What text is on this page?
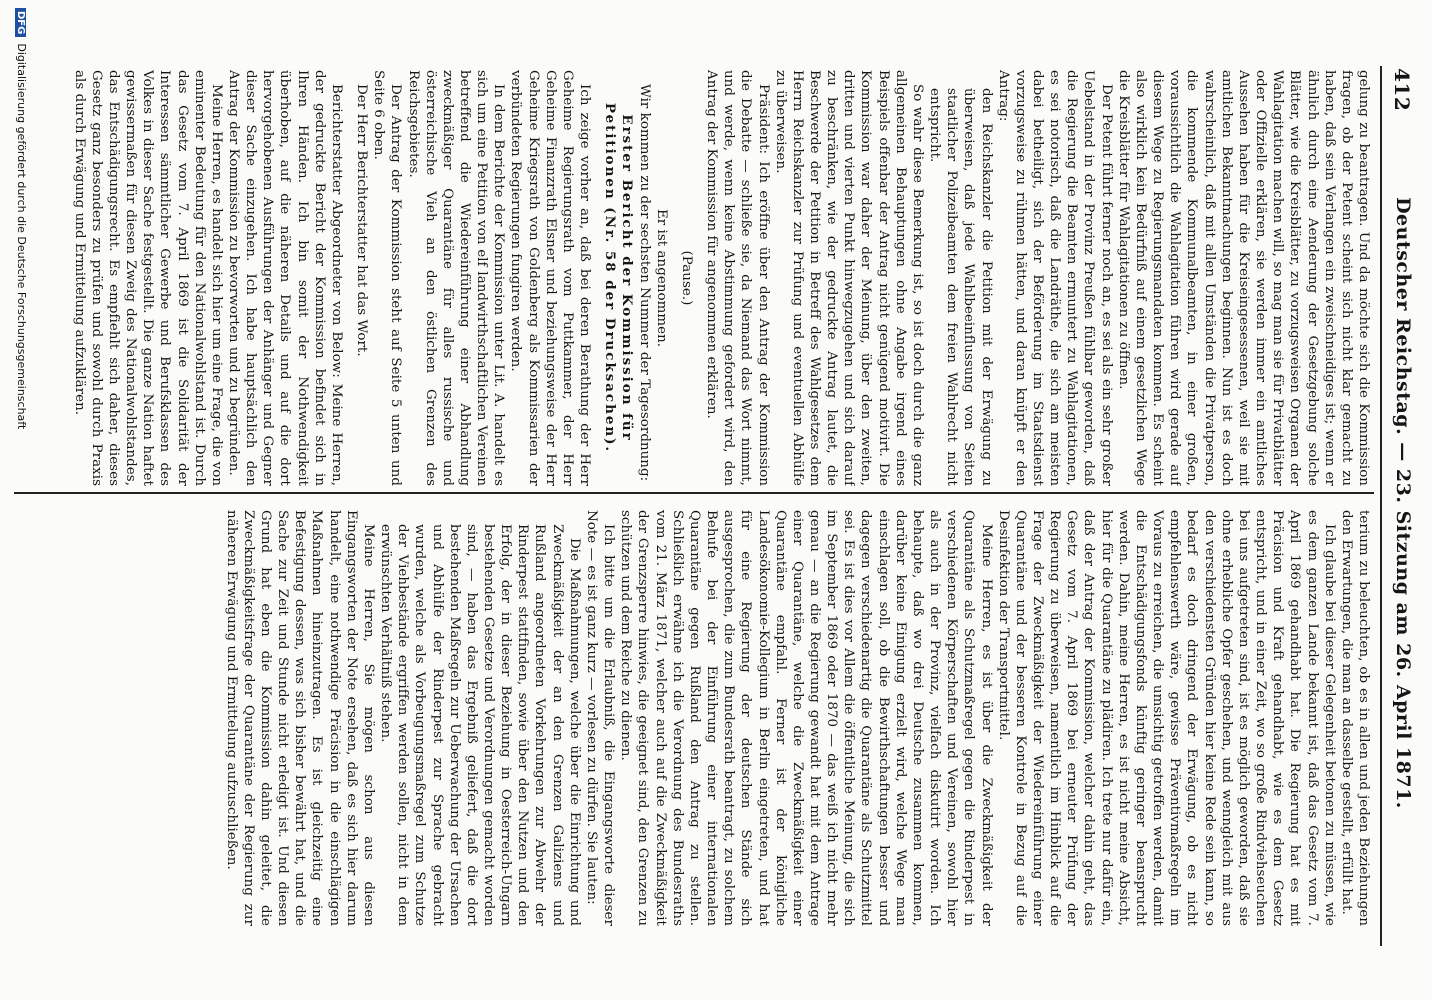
412
Deutscher Reichstag. — 23. Sitzung am 26. April 1871.

gelung zu beantragen. Und da möchte sich die Kommission fragen, ob der Petent scheint sich nicht klar gemacht zu haben, daß sein Verlangen ein zweischneidiges ist; wenn er ähnlich durch eine Aenderung der Gesetzgebung solche Blätter, wie die Kreisblätter, zu vorzugsweisen Organen der Wahlagitation machen will, so mag man sie für Privatblätter oder Offizielle erklären, sie werden immer ein amtliches Aussehen haben für die Kreiseingesessenen, weil sie mit amtlichen Bekanntmachungen beginnen. Nun ist es doch wahrscheinlich, daß mit allen Umständen die Privatperson, die kommende Kommunalbeamten, in einer großen, voraussichtlich die Wahlagitation führen wird gerade auf diesem Wege zu Regierungsmandaten kommen. Es scheint also wirklich kein Bedürfniß auf einem gesetzlichen Wege die Kreisblätter für Wahlagitationen zu öffnen.

Der Petent führt ferner noch an, es sei als ein sehr großer Uebelstand in der Provinz Preußen fühlbar geworden, daß die Regierung die Beamten ermuntert zu Wahlagitationen, es sei notorisch, daß die Landräthe, die sich am meisten dabei betheiligt, sich der Beförderung im Staatsdienst vorzugsweise zu rühmen hätten, und daran knüpft er den Antrag:

den Reichskanzler die Petition mit der Erwägung zu überweisen, daß jede Wahlbeeinflussung von Seiten staatlicher Polizeibeamten dem freien Wahlrecht nicht entspricht.

So wahr diese Bemerkung ist, so ist doch durch die ganz allgemeinen Behauptungen ohne Angabe irgend eines Beispiels offenbar der Antrag nicht genügend motivirt. Die Kommission war daher der Meinung, über den zweiten, dritten und vierten Punkt hinwegzugehen und sich darauf zu beschränken, wie der gedruckte Antrag lautet, die Beschwerde der Petition in Betreff des Wahlgesetzes dem Herrn Reichskanzler zur Prüfung und eventuellen Abhülfe zu überweisen.

Präsident: Ich eröffne über den Antrag der Kommission die Debatte — schließe sie, da Niemand das Wort nimmt, und werde, wenn keine Abstimmung gefordert wird, den Antrag der Kommission für angenommen erklären.

(Pause.)

Er ist angenommen.

Wir kommen zu der sechsten Nummer der Tagesordnung:

Erster Bericht der Kommission für Petitionen (Nr. 58 der Drucksachen).

Ich zeige vorher an, daß bei deren Berathung der Herr Geheime Regierungsrath vom Puttkammer, der Herr Geheime Finanzrath Elsner und beziehungsweise der Herr Geheime Kriegsrath von Goldenberg als Kommissarien der verbündeten Regierungen fungiren werden.

In dem Berichte der Kommission unter Lit. A. handelt es sich um eine Petition von elf landwirthschaftlichen Vereinen betreffend die Wiedereinführung einer Abhandlung zweckmäßiger Quarantäne für alles russische und österreichische Vieh an den östlichen Grenzen des Reichsgebietes.

Der Antrag der Kommission steht auf Seite 5 unten und Seite 6 oben.

Der Herr Berichterstatter hat das Wort.

Berichterstatter Abgeordneter von Below: Meine Herren, der gedruckte Bericht der Kommission befindet sich in Ihren Händen. Ich bin somit der Nothwendigkeit überhoben, auf die näheren Details und auf die dort hervorgehobenen Ausführungen der Anhänger und Gegner dieser Sache einzugehen. Ich habe hauptsächlich den Antrag der Kommission zu bevorworten und zu begründen.

Meine Herren, es handelt sich hier um eine Frage, die von eminenter Bedeutung für den Nationalwohlstand ist. Durch das Gesetz vom 7. April 1869 ist die Solidarität der Interessen sämmtlicher Gewerbe und Berufsklassen des Volkes in dieser Sache festgestellt. Die ganze Nation haftet gewissermaßen für diesen Zweig des Nationalwohlstandes, das Entschädigungsrecht. Es empfiehlt sich daher, dieses Gesetz ganz besonders zu prüfen und sowohl durch Praxis als durch Erwägung und Ermittelung aufzuklären.

terium zu beleuchten, ob es in allen und jeden Beziehungen den Erwartungen, die man an dasselbe gestellt, erfüllt hat.

Ich glaube bei dieser Gelegenheit betonen zu müssen, wie es dem ganzen Lande bekannt ist, daß das Gesetz vom 7. April 1869 gehandhabt hat. Die Regierung hat es mit Präcision und Kraft gehandhabt, wie es dem Gesetz entspricht, und in einer Zeit, wo so große Rindviehseuchen bei uns aufgetreten sind, ist es möglich geworden, daß sie ohne erhebliche Opfer geschehen, und wenngleich mit aus den verschiedensten Gründen hier keine Rede sein kann, so bedarf es doch dringend der Erwägung, ob es nicht empfehlenswerth wäre, gewisse Präventivmaßregeln im Voraus zu erreichen, die umsichtig getroffen werden, damit die Entschädigungsfonds künftig geringer beansprucht werden. Dahin, meine Herren, es ist nicht meine Absicht, hier für die Quarantäne zu plädiren. Ich trete nur dafür ein, daß der Antrag der Kommission, welcher dahin geht, das Gesetz vom 7. April 1869 bei erneuter Prüfung der Regierung zu überweisen, namentlich im Hinblick auf die Frage der Zweckmäßigkeit der Wiedereinführung einer Quarantäne und der besseren Kontrole in Bezug auf die Desinfektion der Transportmittel.

Meine Herren, es ist über die Zweckmäßigkeit der Quarantäne als Schutzmaßregel gegen die Rinderpest in verschiedenen Körperschaften und Vereinen, sowohl hier als auch in der Provinz, vielfach diskutirt worden. Ich behaupte, daß wo drei Deutsche zusammen kommen, darüber keine Einigung erzielt wird, welche Wege man einschlagen soll, ob die Bewirthschaftungen besser und dagegen verschiedenartig die Quarantäne als Schutzmittel sei. Es ist dies vor Allem die öffentliche Meinung, die sich im September 1869 oder 1870 — das weiß ich nicht mehr genau — an die Regierung gewandt hat mit dem Antrage einer Quarantäne, welche die Zweckmäßigkeit einer Quarantäne empfahl. Ferner ist der königliche Landesökonomie-Kollegium in Berlin eingetreten, und hat für eine Regierung der deutschen Stände sich ausgesprochen, die zum Bundesrath beantragt, zu solchem Behufe bei der Einführung einer internationalen Quarantäne gegen Rußland den Antrag zu stellen. Schließlich erwähne ich die Verordnung des Bundesraths vom 21. März 1871, welcher auch auf die Zweckmäßigkeit der Grenzsperre hinwies, die geeignet sind, den Grenzen zu schützen und dem Reiche zu dienen.

Ich bitte um die Erlaubniß, die Eingangsworte dieser Note — es ist ganz kurz — vorlesen zu dürfen. Sie lauten:

Die Maßnahmungen, welche über die Einrichtung und Zweckmäßigkeit der an den Grenzen Galiziens und Rußland angeordneten Vorkehrungen zur Abwehr der Rinderpest stattfinden, sowie über den Nutzen und den Erfolg, der in dieser Beziehung in Oesterreich-Ungarn bestehenden Gesetze und Verordnungen gemacht worden sind, — haben das Ergebniß geliefert, daß die dort bestehenden Maßregeln zur Ueberwachung der Ursachen und Abhülfe der Rinderpest zur Sprache gebracht wurden, welche als Vorbeugungsmaßregel zum Schutze der Viehbestände ergriffen werden sollen, nicht in dem erwünschten Verhältniß stehen.

Meine Herren, Sie mögen schon aus diesen Eingangsworten der Note ersehen, daß es sich hier darum handelt, eine nothwendige Präcision in die einschlägigen Maßnahmen hineinzutragen. Es ist gleichzeitig eine Befestigung dessen, was sich bisher bewährt hat, und die Sache zur Zeit und Stunde nicht erledigt ist. Und diesen Grund hat eben die Kommission dahin geleitet, die Zweckmäßigkeitsfrage der Quarantäne der Regierung zur näheren Erwägung und Ermittelung aufzuschließen.

DFGDigitalisierung gefördert durch die Deutsche Forschungsgemeinschaft
